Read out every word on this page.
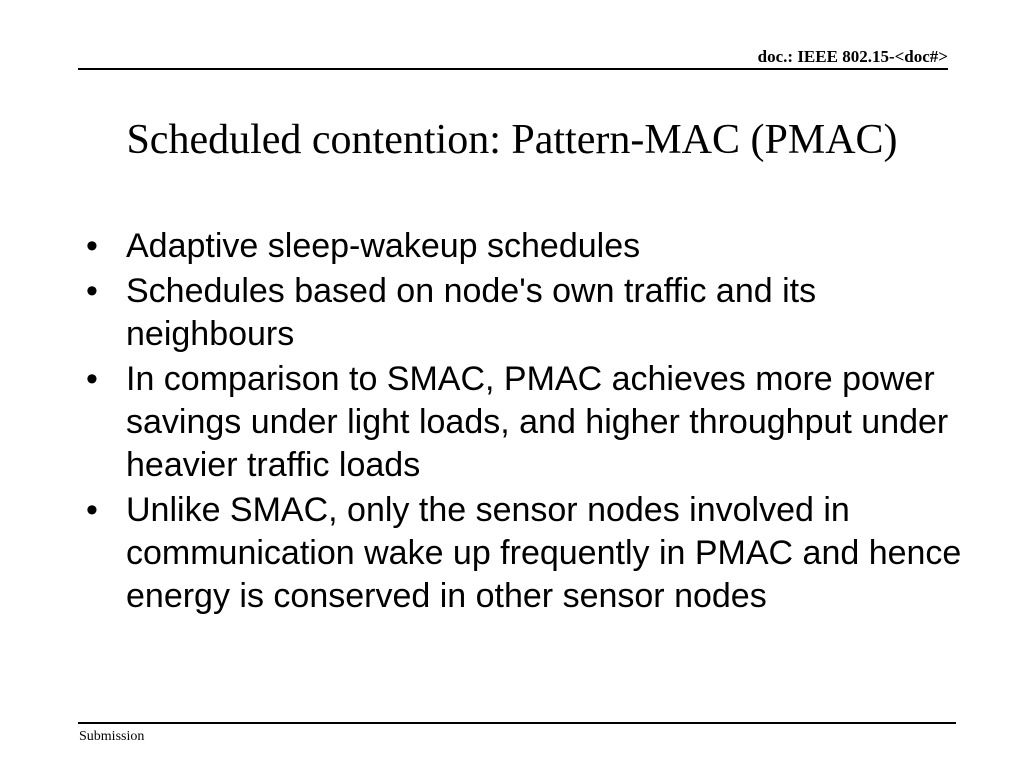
doc.: IEEE 802.15-<doc#>
Scheduled contention: Pattern-MAC (PMAC)
• Adaptive sleep-wakeup schedules
• Schedules based on node's own traffic and its neighbours
• In comparison to SMAC, PMAC achieves more power savings under light loads, and higher throughput under heavier traffic loads
• Unlike SMAC, only the sensor nodes involved in communication wake up frequently in PMAC and hence energy is conserved in other sensor nodes
Submission
